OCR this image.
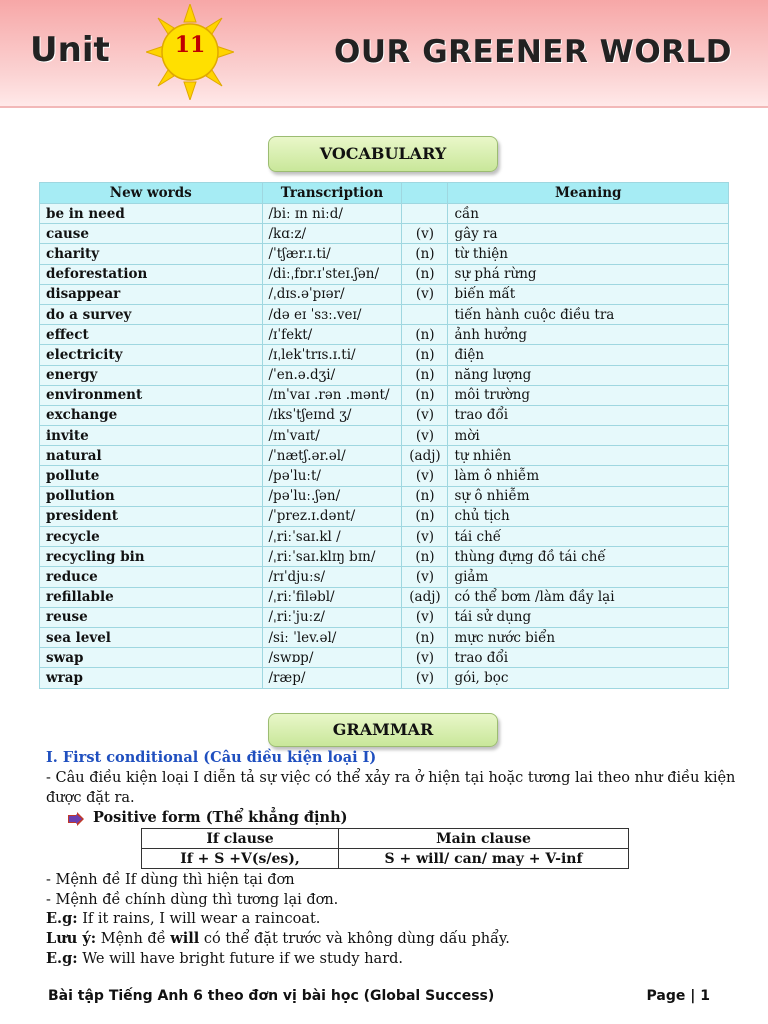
Unit	11	OUR GREENER WORLD
VOCABULARY
New words	Transcription		Meaning
be in need	/biː ɪn niːd/		cần
cause	/kɑːz/	(v)	gây ra
charity	/ˈtʃær.ɪ.ti/	(n)	từ thiện
deforestation	/diːˌfɒr.ɪˈsteɪ.ʃən/	(n)	sự phá rừng
disappear	/ˌdɪs.əˈpɪər/	(v)	biến mất
do a survey	/də eɪ ˈsɜː.veɪ/		tiến hành cuộc điều tra
effect	/ɪˈfekt/	(n)	ảnh hưởng
electricity	/ɪˌlekˈtrɪs.ɪ.ti/	(n)	điện
energy	/ˈen.ə.dʒi/	(n)	năng lượng
environment	/ɪnˈvaɪ .rən .mənt/	(n)	môi trường
exchange	/ɪksˈtʃeɪnd ʒ/	(v)	trao đổi
invite	/ɪnˈvaɪt/	(v)	mời
natural	/ˈnætʃ.ər.əl/	(adj)	tự nhiên
pollute	/pəˈluːt/	(v)	làm ô nhiễm
pollution	/pəˈluː.ʃən/	(n)	sự ô nhiễm
president	/ˈprez.ɪ.dənt/	(n)	chủ tịch
recycle	/ˌriːˈsaɪ.kl /	(v)	tái chế
recycling bin	/ˌriːˈsaɪ.klɪŋ bɪn/	(n)	thùng đựng đồ tái chế
reduce	/rɪˈdjuːs/	(v)	giảm
refillable	/ˌriːˈfiləbl/	(adj)	có thể bơm /làm đầy lại
reuse	/ˌriːˈjuːz/	(v)	tái sử dụng
sea level	/siː ˈlev.əl/	(n)	mực nước biển
swap	/swɒp/	(v)	trao đổi
wrap	/ræp/	(v)	gói, bọc
GRAMMAR
I. First conditional (Câu điều kiện loại I)
- Câu điều kiện loại I diễn tả sự việc có thể xảy ra ở hiện tại hoặc tương lai theo như điều kiện
được đặt ra.
Positive form (Thể khẳng định)
If clause	Main clause
If + S +V(s/es),	S + will/ can/ may + V-inf
- Mệnh đề If dùng thì hiện tại đơn
- Mệnh đề chính dùng thì tương lại đơn.
E.g: If it rains, I will wear a raincoat.
Lưu ý: Mệnh đề will có thể đặt trước và không dùng dấu phẩy.
E.g: We will have bright future if we study hard.
Bài tập Tiếng Anh 6 theo đơn vị bài học (Global Success)	Page | 1
